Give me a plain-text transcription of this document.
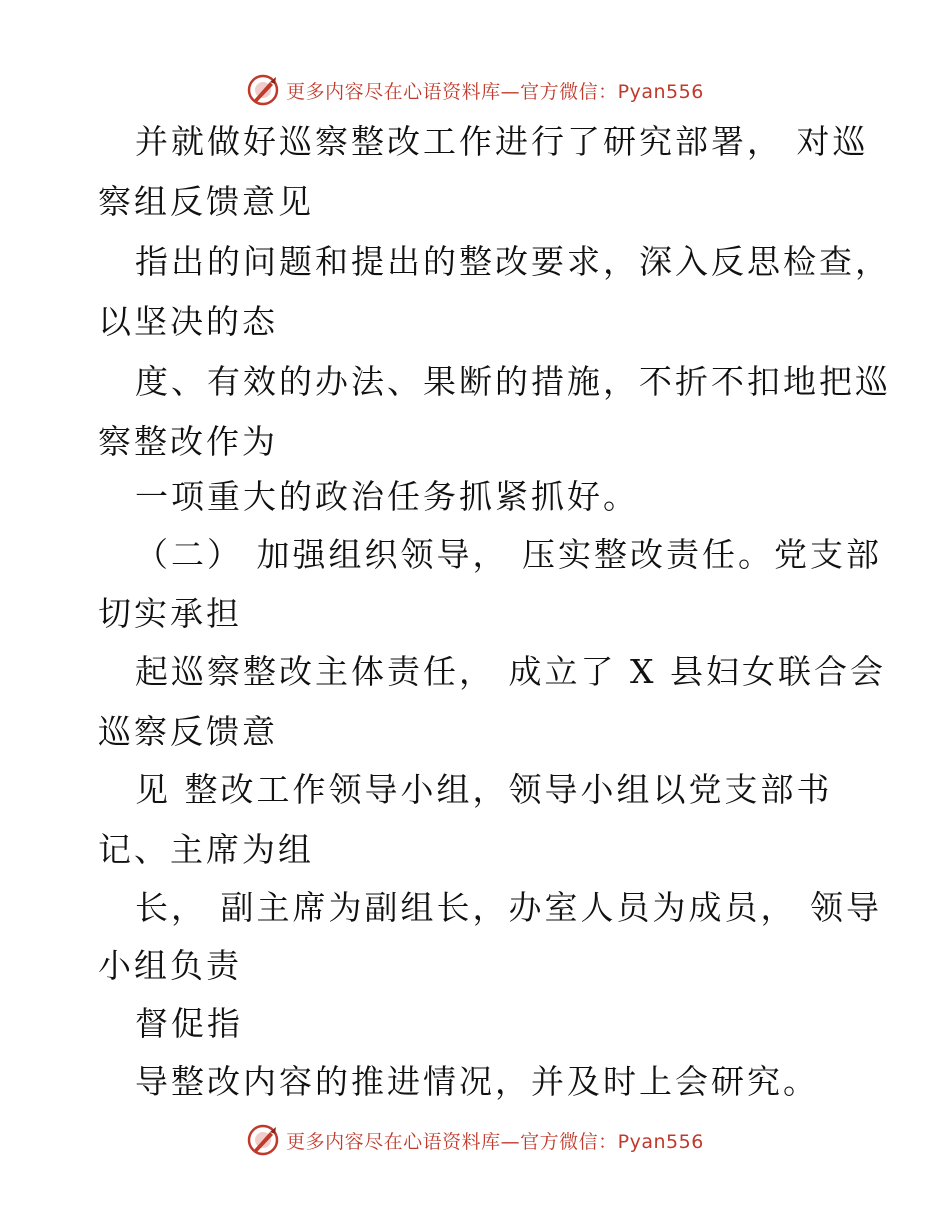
更多内容尽在心语资料库—官方微信：Pyan556
并就做好巡察整改工作进行了研究部署， 对巡
察组反馈意见
指出的问题和提出的整改要求，深入反思检查，
以坚决的态
度、有效的办法、果断的措施，不折不扣地把巡
察整改作为
一项重大的政治任务抓紧抓好。
（二） 加强组织领导， 压实整改责任。党支部
切实承担
起巡察整改主体责任， 成立了 X 县妇女联合会
巡察反馈意
见 整改工作领导小组，领导小组以党支部书
记、主席为组
长， 副主席为副组长，办室人员为成员， 领导
小组负责
督促指
导整改内容的推进情况，并及时上会研究。
更多内容尽在心语资料库—官方微信：Pyan556
